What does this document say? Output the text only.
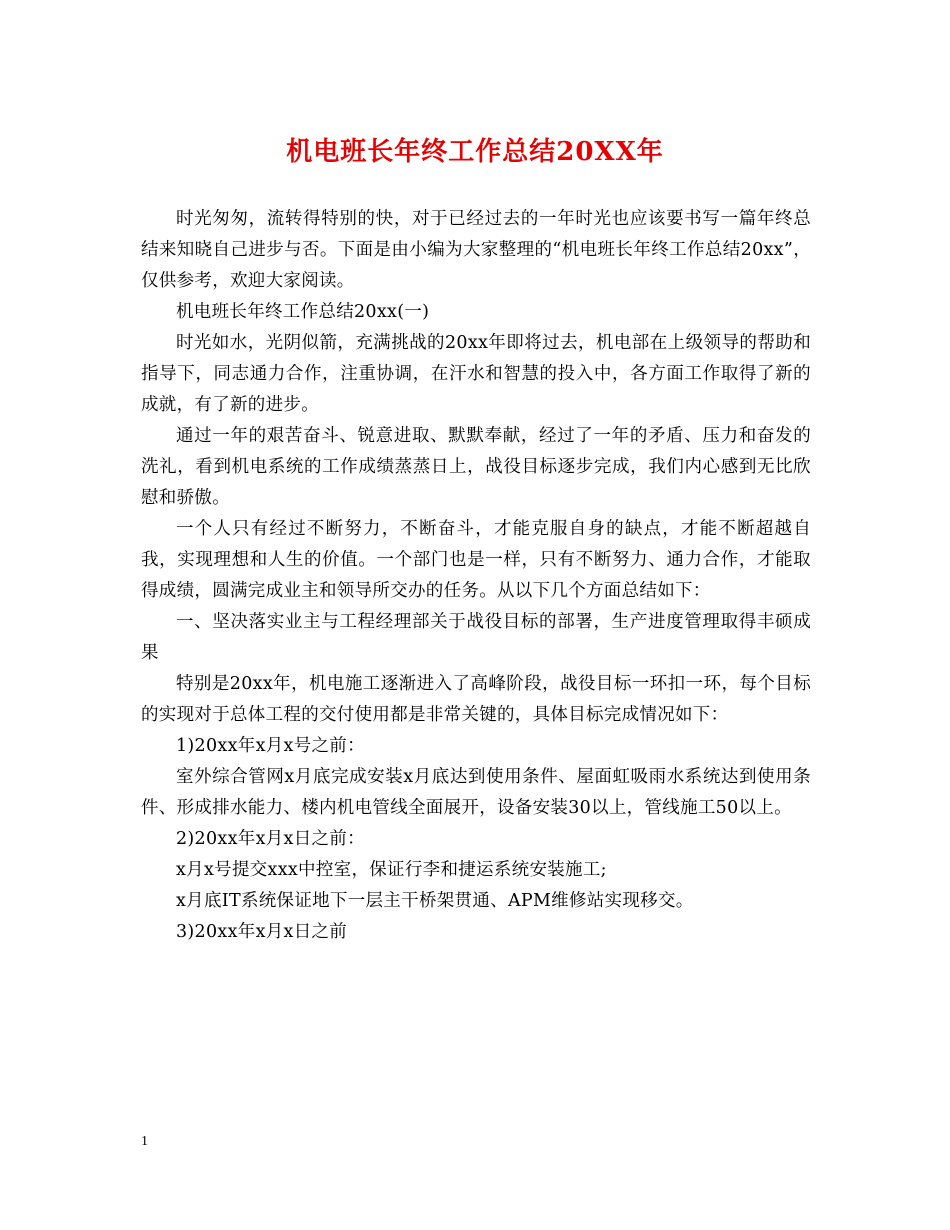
机电班长年终工作总结20XX年

时光匆匆，流转得特别的快，对于已经过去的一年时光也应该要书写一篇年终总结来知晓自己进步与否。下面是由小编为大家整理的“机电班长年终工作总结20xx”，仅供参考，欢迎大家阅读。

机电班长年终工作总结20xx(一)

时光如水，光阴似箭，充满挑战的20xx年即将过去，机电部在上级领导的帮助和指导下，同志通力合作，注重协调，在汗水和智慧的投入中，各方面工作取得了新的成就，有了新的进步。

通过一年的艰苦奋斗、锐意进取、默默奉献，经过了一年的矛盾、压力和奋发的洗礼，看到机电系统的工作成绩蒸蒸日上，战役目标逐步完成，我们内心感到无比欣慰和骄傲。

一个人只有经过不断努力，不断奋斗，才能克服自身的缺点，才能不断超越自我，实现理想和人生的价值。一个部门也是一样，只有不断努力、通力合作，才能取得成绩，圆满完成业主和领导所交办的任务。从以下几个方面总结如下：

一、坚决落实业主与工程经理部关于战役目标的部署，生产进度管理取得丰硕成果

特别是20xx年，机电施工逐渐进入了高峰阶段，战役目标一环扣一环，每个目标的实现对于总体工程的交付使用都是非常关键的，具体目标完成情况如下：

1)20xx年x月x号之前：

室外综合管网x月底完成安装x月底达到使用条件、屋面虹吸雨水系统达到使用条件、形成排水能力、楼内机电管线全面展开，设备安装30以上，管线施工50以上。

2)20xx年x月x日之前：

x月x号提交xxx中控室，保证行李和捷运系统安装施工;

x月底IT系统保证地下一层主干桥架贯通、APM维修站实现移交。

3)20xx年x月x日之前

1
